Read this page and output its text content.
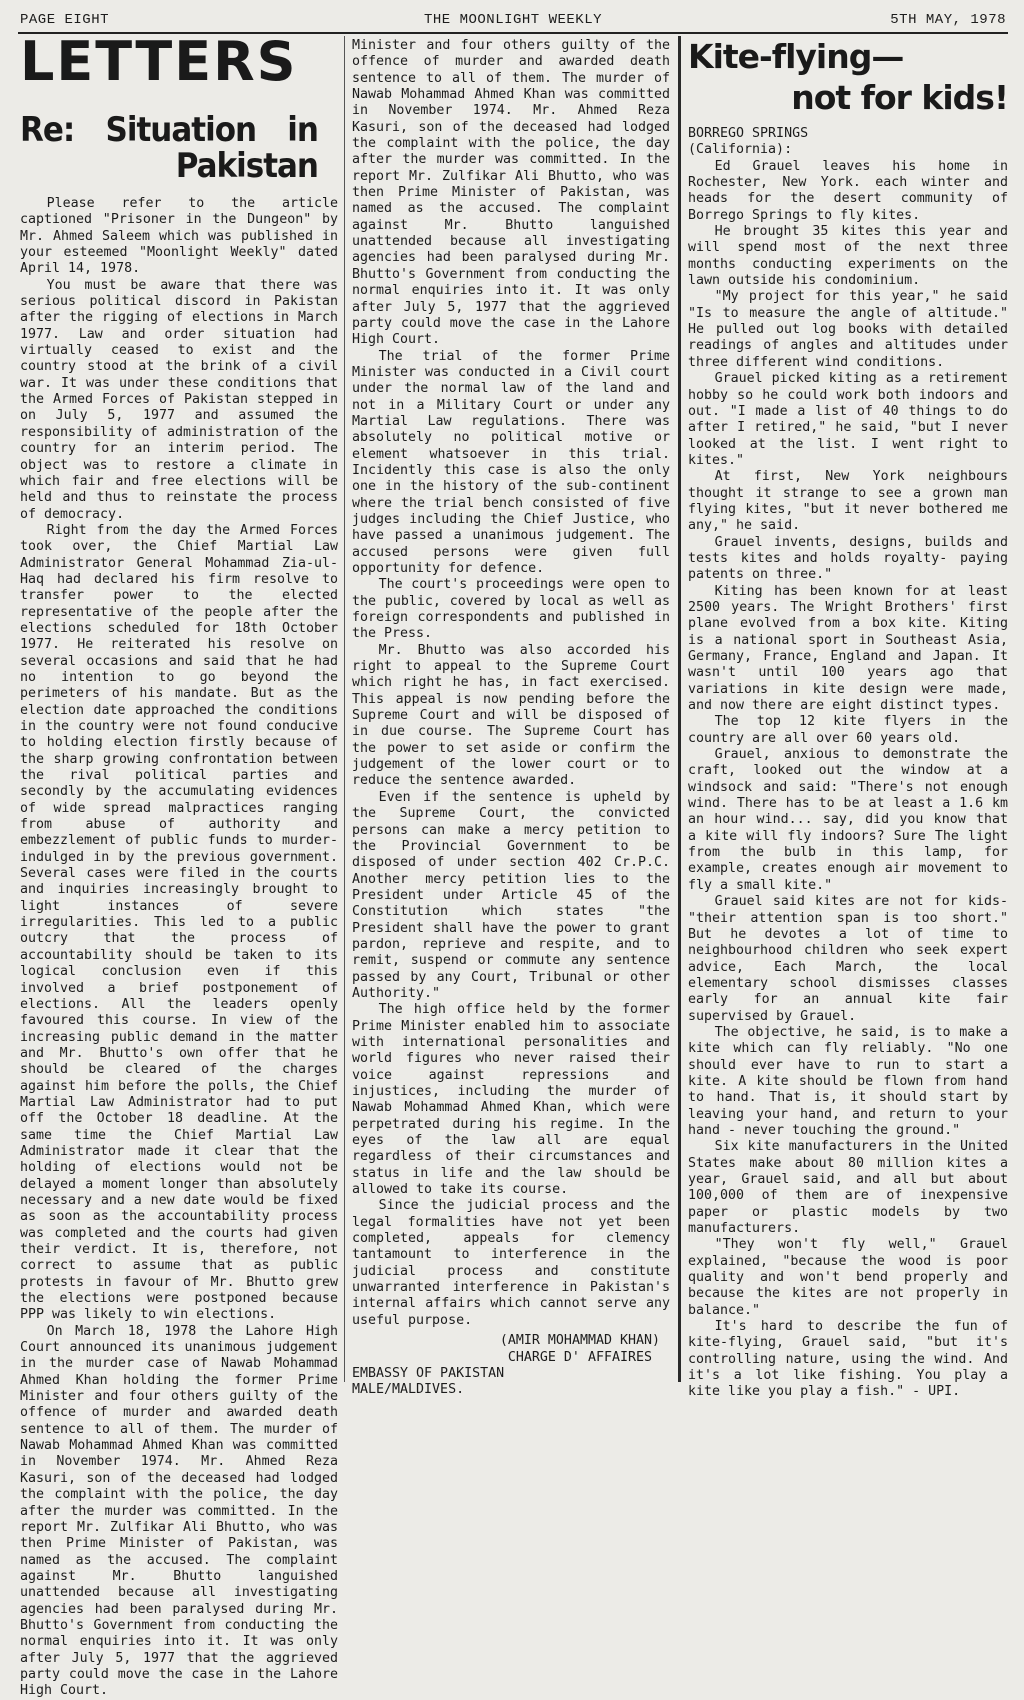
PAGE EIGHT	THE MOONLIGHT WEEKLY	5TH MAY, 1978
LETTERS
Re: Situation in
Pakistan

Please refer to the article captioned "Prisoner in the Dungeon" by Mr. Ahmed Saleem which was published in your esteemed "Moonlight Weekly" dated April 14, 1978.

You must be aware that there was serious political discord in Pakistan after the rigging of elections in March 1977. Law and order situation had virtually ceased to exist and the country stood at the brink of a civil war. It was under these conditions that the Armed Forces of Pakistan stepped in on July 5, 1977 and assumed the responsibility of administration of the country for an interim period. The object was to restore a climate in which fair and free elections will be held and thus to reinstate the process of democracy.

Right from the day the Armed Forces took over, the Chief Martial Law Administrator General Mohammad Zia-ul-Haq had declared his firm resolve to transfer power to the elected representative of the people after the elections scheduled for 18th October 1977. He reiterated his resolve on several occasions and said that he had no intention to go beyond the perimeters of his mandate. But as the election date approached the conditions in the country were not found conducive to holding election firstly because of the sharp growing confrontation between the rival political parties and secondly by the accumulating evidences of wide spread malpractices ranging from abuse of authority and embezzlement of public funds to murder-indulged in by the previous government. Several cases were filed in the courts and inquiries increasingly brought to light instances of severe irregularities. This led to a public outcry that the process of accountability should be taken to its logical conclusion even if this involved a brief postponement of elections. All the leaders openly favoured this course. In view of the increasing public demand in the matter and Mr. Bhutto's own offer that he should be cleared of the charges against him before the polls, the Chief Martial Law Administrator had to put off the October 18 deadline. At the same time the Chief Martial Law Administrator made it clear that the holding of elections would not be delayed a moment longer than absolutely necessary and a new date would be fixed as soon as the accountability process was completed and the courts had given their verdict. It is, therefore, not correct to assume that as public protests in favour of Mr. Bhutto grew the elections were postponed because PPP was likely to win elections.

On March 18, 1978 the Lahore High Court announced its unanimous judgement in the murder case of Nawab Mohammad Ahmed Khan holding the former Prime Minister and four others guilty of the offence of murder and awarded death sentence to all of them. The murder of Nawab Mohammad Ahmed Khan was committed in November 1974. Mr. Ahmed Reza Kasuri, son of the deceased had lodged the complaint with the police, the day after the murder was committed. In the report Mr. Zulfikar Ali Bhutto, who was then Prime Minister of Pakistan, was named as the accused. The complaint against Mr. Bhutto languished unattended because all investigating agencies had been paralysed during Mr. Bhutto's Government from conducting the normal enquiries into it. It was only after July 5, 1977 that the aggrieved party could move the case in the Lahore High Court.

Minister and four others guilty of the offence of murder and awarded death sentence to all of them. The murder of Nawab Mohammad Ahmed Khan was committed in November 1974. Mr. Ahmed Reza Kasuri, son of the deceased had lodged the complaint with the police, the day after the murder was committed. In the report Mr. Zulfikar Ali Bhutto, who was then Prime Minister of Pakistan, was named as the accused. The complaint against Mr. Bhutto languished unattended because all investigating agencies had been paralysed during Mr. Bhutto's Government from conducting the normal enquiries into it. It was only after July 5, 1977 that the aggrieved party could move the case in the Lahore High Court.

The trial of the former Prime Minister was conducted in a Civil court under the normal law of the land and not in a Military Court or under any Martial Law regulations. There was absolutely no political motive or element whatsoever in this trial. Incidently this case is also the only one in the history of the sub-continent where the trial bench consisted of five judges including the Chief Justice, who have passed a unanimous judgement. The accused persons were given full opportunity for defence.

The court's proceedings were open to the public, covered by local as well as foreign correspondents and published in the Press.

Mr. Bhutto was also accorded his right to appeal to the Supreme Court which right he has, in fact exercised. This appeal is now pending before the Supreme Court and will be disposed of in due course. The Supreme Court has the power to set aside or confirm the judgement of the lower court or to reduce the sentence awarded.

Even if the sentence is upheld by the Supreme Court, the convicted persons can make a mercy petition to the Provincial Government to be disposed of under section 402 Cr.P.C. Another mercy petition lies to the President under Article 45 of the Constitution which states "the President shall have the power to grant pardon, reprieve and respite, and to remit, suspend or commute any sentence passed by any Court, Tribunal or other Authority."

The high office held by the former Prime Minister enabled him to associate with international personalities and world figures who never raised their voice against repressions and injustices, including the murder of Nawab Mohammad Ahmed Khan, which were perpetrated during his regime. In the eyes of the law all are equal regardless of their circumstances and status in life and the law should be allowed to take its course.

Since the judicial process and the legal formalities have not yet been completed, appeals for clemency tantamount to interference in the judicial process and constitute unwarranted interference in Pakistan's internal affairs which cannot serve any useful purpose.

(AMIR MOHAMMAD KHAN)
CHARGE D' AFFAIRES
EMBASSY OF PAKISTAN
MALE/MALDIVES.
Kite-flying—
not for kids!
BORREGO SPRINGS
(California):

Ed Grauel leaves his home in Rochester, New York. each winter and heads for the desert community of Borrego Springs to fly kites.

He brought 35 kites this year and will spend most of the next three months conducting experiments on the lawn outside his condominium.

"My project for this year," he said "Is to measure the angle of altitude." He pulled out log books with detailed readings of angles and altitudes under three different wind conditions.

Grauel picked kiting as a retirement hobby so he could work both indoors and out. "I made a list of 40 things to do after I retired," he said, "but I never looked at the list. I went right to kites."

At first, New York neighbours thought it strange to see a grown man flying kites, "but it never bothered me any," he said.

Grauel invents, designs, builds and tests kites and holds royalty- paying patents on three."

Kiting has been known for at least 2500 years. The Wright Brothers' first plane evolved from a box kite. Kiting is a national sport in Southeast Asia, Germany, France, England and Japan. It wasn't until 100 years ago that variations in kite design were made, and now there are eight distinct types.

The top 12 kite flyers in the country are all over 60 years old.

Grauel, anxious to demonstrate the craft, looked out the window at a windsock and said: "There's not enough wind. There has to be at least a 1.6 km an hour wind... say, did you know that a kite will fly indoors? Sure The light from the bulb in this lamp, for example, creates enough air movement to fly a small kite."

Grauel said kites are not for kids- "their attention span is too short." But he devotes a lot of time to neighbourhood children who seek expert advice, Each March, the local elementary school dismisses classes early for an annual kite fair supervised by Grauel.

The objective, he said, is to make a kite which can fly reliably. "No one should ever have to run to start a kite. A kite should be flown from hand to hand. That is, it should start by leaving your hand, and return to your hand - never touching the ground."

Six kite manufacturers in the United States make about 80 million kites a year, Grauel said, and all but about 100,000 of them are of inexpensive paper or plastic models by two manufacturers.

"They won't fly well," Grauel explained, "because the wood is poor quality and won't bend properly and because the kites are not properly in balance."

It's hard to describe the fun of kite-flying, Grauel said, "but it's controlling nature, using the wind. And it's a lot like fishing. You play a kite like you play a fish." - UPI.
